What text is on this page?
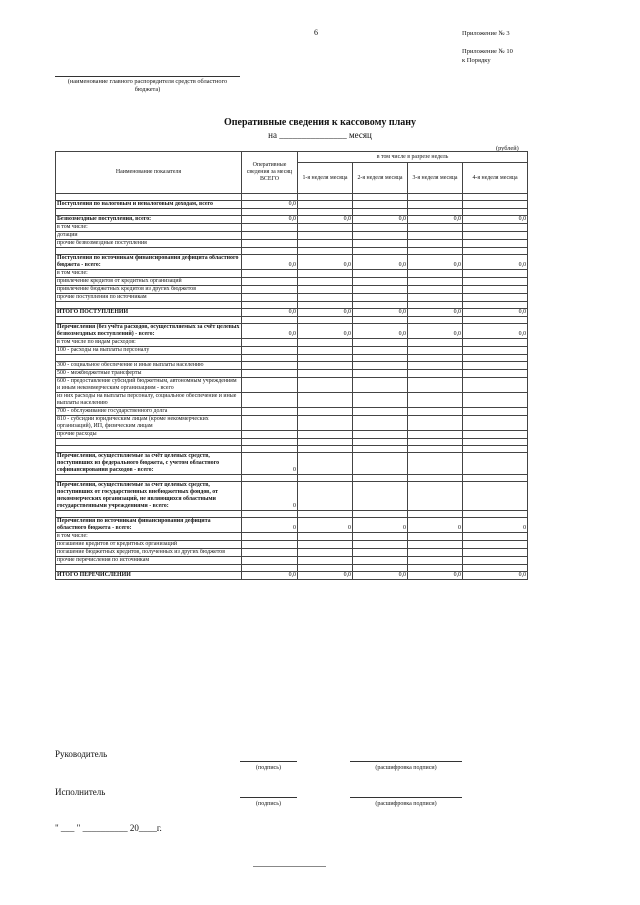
6	Приложение № 3
Приложение № 10
к Порядку
(наименование главного распорядителя средств областного бюджета)
Оперативные сведения к кассовому плану
на _______________ месяц
(рублей)
Наименование показателя	Оперативные сведения за месяц ВСЕГО	в том числе в разрезе недель			
		1-я неделя месяца	2-я неделя месяца	3-я неделя месяца	4-я неделя месяца

Поступления по налоговым и неналоговым доходам, всего	0,0				

Безвозмездные поступления, всего:	0,0	0,0	0,0	0,0	0,0
в том числе:					
дотации					
прочие безвозмездные поступления					

Поступления по источникам финансирования дефицита областного бюджета - всего:	0,0	0,0	0,0	0,0	0,0
в том числе:					
привлечение кредитов от кредитных организаций					
привлечение бюджетных кредитов из других бюджетов					
прочие поступления по источникам					

ИТОГО ПОСТУПЛЕНИЙ	0,0	0,0	0,0	0,0	0,0

Перечисления (без учёта расходов, осуществляемых за счёт целевых безвозмездных поступлений) - всего:	0,0	0,0	0,0	0,0	0,0
в том числе по видам расходов:					
100 - расходы на выплаты персоналу					

300 - социальное обеспечение и иные выплаты населению					
500 - межбюджетные трансферты					
600 - предоставление субсидий бюджетным, автономным учреждениям и иным некоммерческим организациям - всего					
из них расходы на выплаты персоналу, социальное обеспечение и иные выплаты населению					
700 - обслуживание государственного долга					
810 - субсидии юридическим лицам (кроме некоммерческих организаций), ИП, физическим лицам					
прочие расходы					

Перечисления, осуществляемые за счёт целевых средств, поступивших из федерального бюджета, с учетом областного софинансирования расходов - всего:	0				

Перечисления, осуществляемые за счет целевых средств, поступивших от государственных внебюджетных фондов, от некоммерческих организаций, не являющихся областными государственными учреждениями - всего:	0				

Перечисления по источникам финансирования дефицита областного бюджета - всего:	0	0	0	0	0
в том числе:					
погашение кредитов от кредитных организаций					
погашение бюджетных кредитов, полученных из других бюджетов					
прочие перечисления по источникам					

ИТОГО ПЕРЕЧИСЛЕНИЙ	0,0	0,0	0,0	0,0	0,0
Руководитель
(подпись)	(расшифровка подписи)
Исполнитель
(подпись)	(расшифровка подписи)
" ___ " __________ 20____г.
